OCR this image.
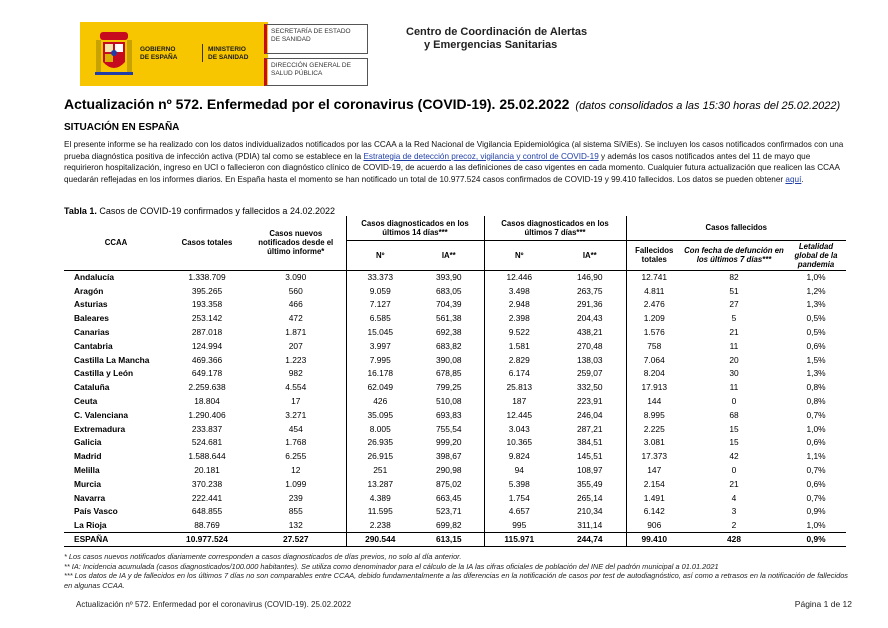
GOBIERNO
DE ESPAÑA
MINISTERIO
DE SANIDAD
SECRETARÍA DE ESTADO
DE SANIDAD
DIRECCIÓN GENERAL DE
SALUD PÚBLICA
Centro de Coordinación de Alertas
y Emergencias Sanitarias
Actualización nº 572. Enfermedad por el coronavirus (COVID-19). 25.02.2022 (datos consolidados a las 15:30 horas del 25.02.2022)
SITUACIÓN EN ESPAÑA
El presente informe se ha realizado con los datos individualizados notificados por las CCAA a la Red Nacional de Vigilancia Epidemiológica (al sistema SiViEs). Se incluyen los casos notificados confirmados con una prueba diagnóstica positiva de infección activa (PDIA) tal como se establece en la Estrategia de detección precoz, vigilancia y control de COVID-19 y además los casos notificados antes del 11 de mayo que requirieron hospitalización, ingreso en UCI o fallecieron con diagnóstico clínico de COVID-19, de acuerdo a las definiciones de caso vigentes en cada momento. Cualquier futura actualización que realicen las CCAA quedarán reflejadas en los informes diarios. En España hasta el momento se han notificado un total de 10.977.524 casos confirmados de COVID-19 y 99.410 fallecidos. Los datos se pueden obtener aquí.
Tabla 1. Casos de COVID-19 confirmados y fallecidos a 24.02.2022
CCAA	Casos totales	Casos nuevos notificados desde el último informe*	Casos diagnosticados en los últimos 14 días***		Casos diagnosticados en los últimos 7 días***		Casos fallecidos		
			Nº	IA**	Nº	IA**	Fallecidos totales	Con fecha de defunción en los últimos 7 días***	Letalidad global de la pandemia
Andalucía	1.338.709	3.090	33.373	393,90	12.446	146,90	12.741	82	1,0%
Aragón	395.265	560	9.059	683,05	3.498	263,75	4.811	51	1,2%
Asturias	193.358	466	7.127	704,39	2.948	291,36	2.476	27	1,3%
Baleares	253.142	472	6.585	561,38	2.398	204,43	1.209	5	0,5%
Canarias	287.018	1.871	15.045	692,38	9.522	438,21	1.576	21	0,5%
Cantabria	124.994	207	3.997	683,82	1.581	270,48	758	11	0,6%
Castilla La Mancha	469.366	1.223	7.995	390,08	2.829	138,03	7.064	20	1,5%
Castilla y León	649.178	982	16.178	678,85	6.174	259,07	8.204	30	1,3%
Cataluña	2.259.638	4.554	62.049	799,25	25.813	332,50	17.913	11	0,8%
Ceuta	18.804	17	426	510,08	187	223,91	144	0	0,8%
C. Valenciana	1.290.406	3.271	35.095	693,83	12.445	246,04	8.995	68	0,7%
Extremadura	233.837	454	8.005	755,54	3.043	287,21	2.225	15	1,0%
Galicia	524.681	1.768	26.935	999,20	10.365	384,51	3.081	15	0,6%
Madrid	1.588.644	6.255	26.915	398,67	9.824	145,51	17.373	42	1,1%
Melilla	20.181	12	251	290,98	94	108,97	147	0	0,7%
Murcia	370.238	1.099	13.287	875,02	5.398	355,49	2.154	21	0,6%
Navarra	222.441	239	4.389	663,45	1.754	265,14	1.491	4	0,7%
País Vasco	648.855	855	11.595	523,71	4.657	210,34	6.142	3	0,9%
La Rioja	88.769	132	2.238	699,82	995	311,14	906	2	1,0%
ESPAÑA	10.977.524	27.527	290.544	613,15	115.971	244,74	99.410	428	0,9%
* Los casos nuevos notificados diariamente corresponden a casos diagnosticados de días previos, no solo al día anterior.
** IA: Incidencia acumulada (casos diagnosticados/100.000 habitantes). Se utiliza como denominador para el cálculo de la IA las cifras oficiales de población del INE del padrón municipal a 01.01.2021
*** Los datos de IA y de fallecidos en los últimos 7 días no son comparables entre CCAA, debido fundamentalmente a las diferencias en la notificación de casos por test de autodiagnóstico, así como a retrasos en la notificación de fallecidos en algunas CCAA.
Actualización nº 572. Enfermedad por el coronavirus (COVID-19). 25.02.2022	Página 1 de 12
